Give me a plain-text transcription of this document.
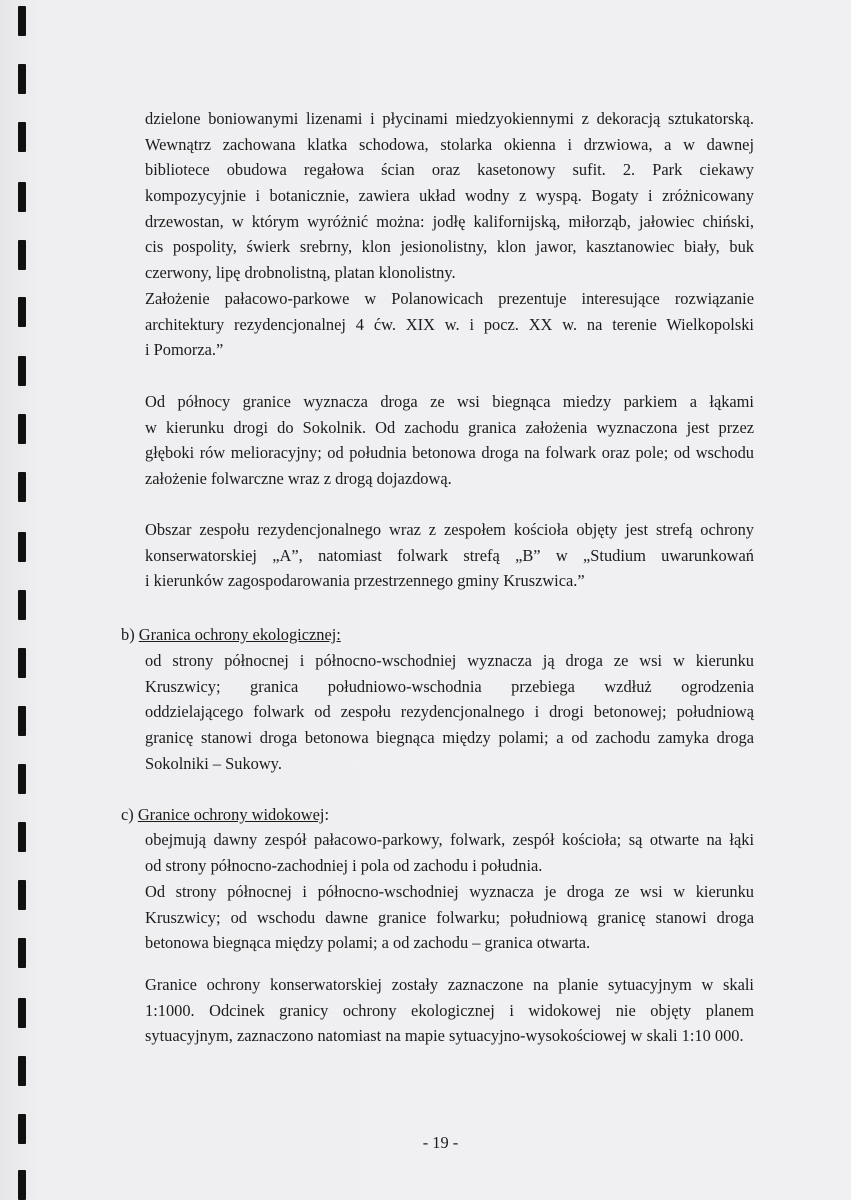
dzielone boniowanymi lizenami i płycinami miedzyokiennymi z dekoracją sztukatorską.
Wewnątrz zachowana klatka schodowa, stolarka okienna i drzwiowa, a w dawnej
bibliotece obudowa regałowa ścian oraz kasetonowy sufit. 2. Park ciekawy
kompozycyjnie i botanicznie, zawiera układ wodny z wyspą. Bogaty i zróżnicowany
drzewostan, w którym wyróżnić można: jodłę kalifornijską, miłorząb, jałowiec chiński,
cis pospolity, świerk srebrny, klon jesionolistny, klon jawor, kasztanowiec biały, buk
czerwony, lipę drobnolistną, platan klonolistny.

Założenie pałacowo-parkowe w Polanowicach prezentuje interesujące rozwiązanie
architektury rezydencjonalnej 4 ćw. XIX w. i pocz. XX w. na terenie Wielkopolski
i Pomorza.”

Od północy granice wyznacza droga ze wsi biegnąca miedzy parkiem a łąkami
w kierunku drogi do Sokolnik. Od zachodu granica założenia wyznaczona jest przez
głęboki rów melioracyjny; od południa betonowa droga na folwark oraz pole; od wschodu
założenie folwarczne wraz z drogą dojazdową.

Obszar zespołu rezydencjonalnego wraz z zespołem kościoła objęty jest strefą ochrony
konserwatorskiej „A”, natomiast folwark strefą „B” w „Studium uwarunkowań
i kierunków zagospodarowania przestrzennego gminy Kruszwica.”

b) Granica ochrony ekologicznej:

od strony północnej i północno-wschodniej wyznacza ją droga ze wsi w kierunku
Kruszwicy; granica południowo-wschodnia przebiega wzdłuż ogrodzenia
oddzielającego folwark od zespołu rezydencjonalnego i drogi betonowej; południową
granicę stanowi droga betonowa biegnąca między polami; a od zachodu zamyka droga
Sokolniki – Sukowy.

c) Granice ochrony widokowej:

obejmują dawny zespół pałacowo-parkowy, folwark, zespół kościoła; są otwarte na łąki
od strony północno-zachodniej i pola od zachodu i południa.

Od strony północnej i północno-wschodniej wyznacza je droga ze wsi w kierunku
Kruszwicy; od wschodu dawne granice folwarku; południową granicę stanowi droga
betonowa biegnąca między polami; a od zachodu – granica otwarta.

Granice ochrony konserwatorskiej zostały zaznaczone na planie sytuacyjnym w skali
1:1000. Odcinek granicy ochrony ekologicznej i widokowej nie objęty planem
sytuacyjnym, zaznaczono natomiast na mapie sytuacyjno-wysokościowej w skali 1:10 000.

- 19 -
